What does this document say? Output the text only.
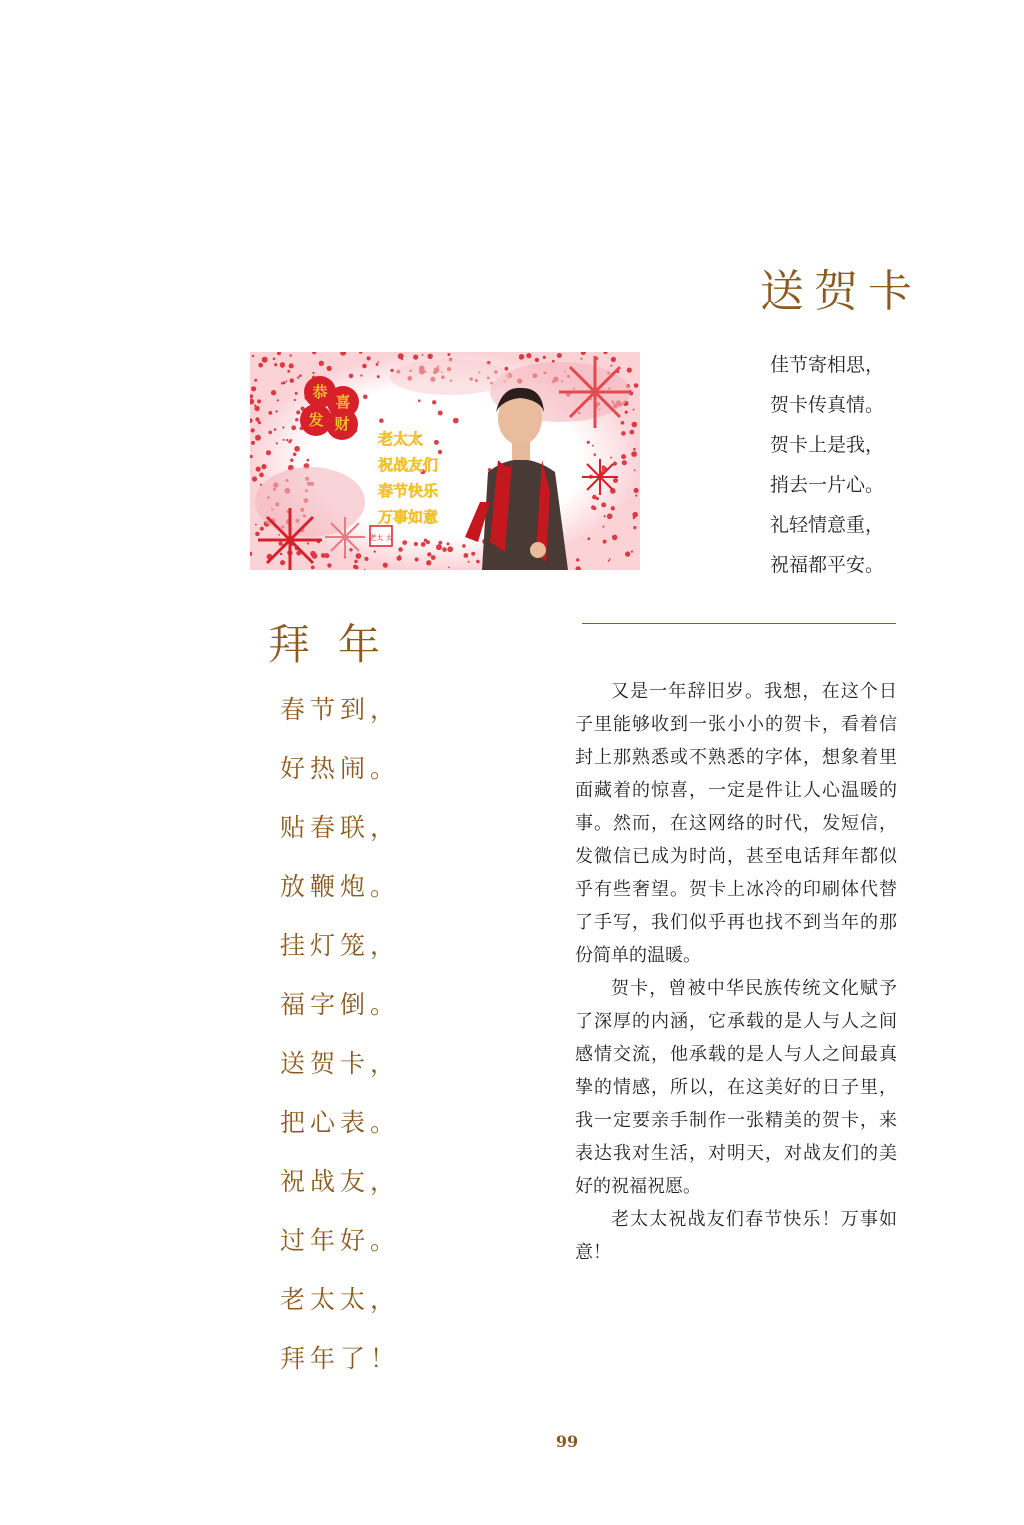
送贺卡
佳节寄相思，
贺卡传真情。
贺卡上是我，
捎去一片心。
礼轻情意重，
祝福都平安。
恭
喜
发 财
老太太
祝战友们
春节快乐
万事如意
老太 太
拜年
春节到，
好热闹。
贴春联，
放鞭炮。
挂灯笼，
福字倒。
送贺卡，
把心表。
祝战友，
过年好。
老太太，
拜年了！

又是一年辞旧岁。我想，在这个日子里能够收到一张小小的贺卡，看着信封上那熟悉或不熟悉的字体，想象着里面藏着的惊喜，一定是件让人心温暖的事。然而，在这网络的时代，发短信，发微信已成为时尚，甚至电话拜年都似乎有些奢望。贺卡上冰冷的印刷体代替了手写，我们似乎再也找不到当年的那份简单的温暖。

贺卡，曾被中华民族传统文化赋予了深厚的内涵，它承载的是人与人之间感情交流，他承载的是人与人之间最真挚的情感，所以，在这美好的日子里，我一定要亲手制作一张精美的贺卡，来表达我对生活，对明天，对战友们的美好的祝福祝愿。

老太太祝战友们春节快乐！万事如意！

99
